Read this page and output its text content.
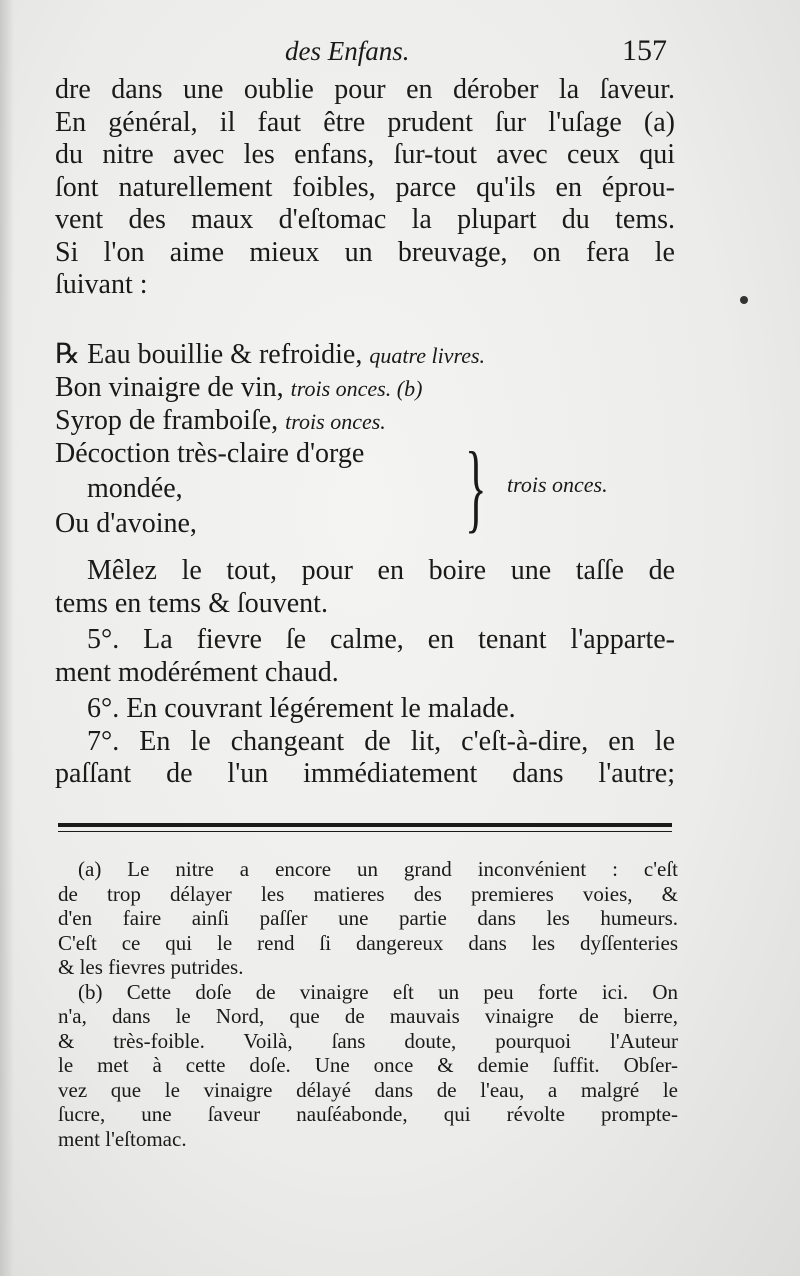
des Enfans.	157
dre dans une oublie pour en dérober la ſaveur.
En général, il faut être prudent ſur l'uſage (a)
du nitre avec les enfans, ſur-tout avec ceux qui
ſont naturellement foibles, parce qu'ils en éprou-
vent des maux d'eſtomac la plupart du tems.
Si l'on aime mieux un breuvage, on fera le
ſuivant :
℞ Eau bouillie & refroidie, quatre livres.
Bon vinaigre de vin, trois onces. (b)
Syrop de framboiſe, trois onces.
Décoction très-claire d'orge
mondée,
Ou d'avoine,	} trois onces.
Mêlez le tout, pour en boire une taſſe de
tems en tems & ſouvent.
5°. La fievre ſe calme, en tenant l'apparte-
ment modérément chaud.
6°. En couvrant légérement le malade.
7°. En le changeant de lit, c'eſt-à-dire, en le
paſſant de l'un immédiatement dans l'autre;
(a) Le nitre a encore un grand inconvénient : c'eſt
de trop délayer les matieres des premieres voies, &
d'en faire ainſi paſſer une partie dans les humeurs.
C'eſt ce qui le rend ſi dangereux dans les dyſſenteries
& les fievres putrides.
(b) Cette doſe de vinaigre eſt un peu forte ici. On
n'a, dans le Nord, que de mauvais vinaigre de bierre,
& très-foible. Voilà, ſans doute, pourquoi l'Auteur
le met à cette doſe. Une once & demie ſuffit. Obſer-
vez que le vinaigre délayé dans de l'eau, a malgré le
ſucre, une ſaveur nauſéabonde, qui révolte prompte-
ment l'eſtomac.
